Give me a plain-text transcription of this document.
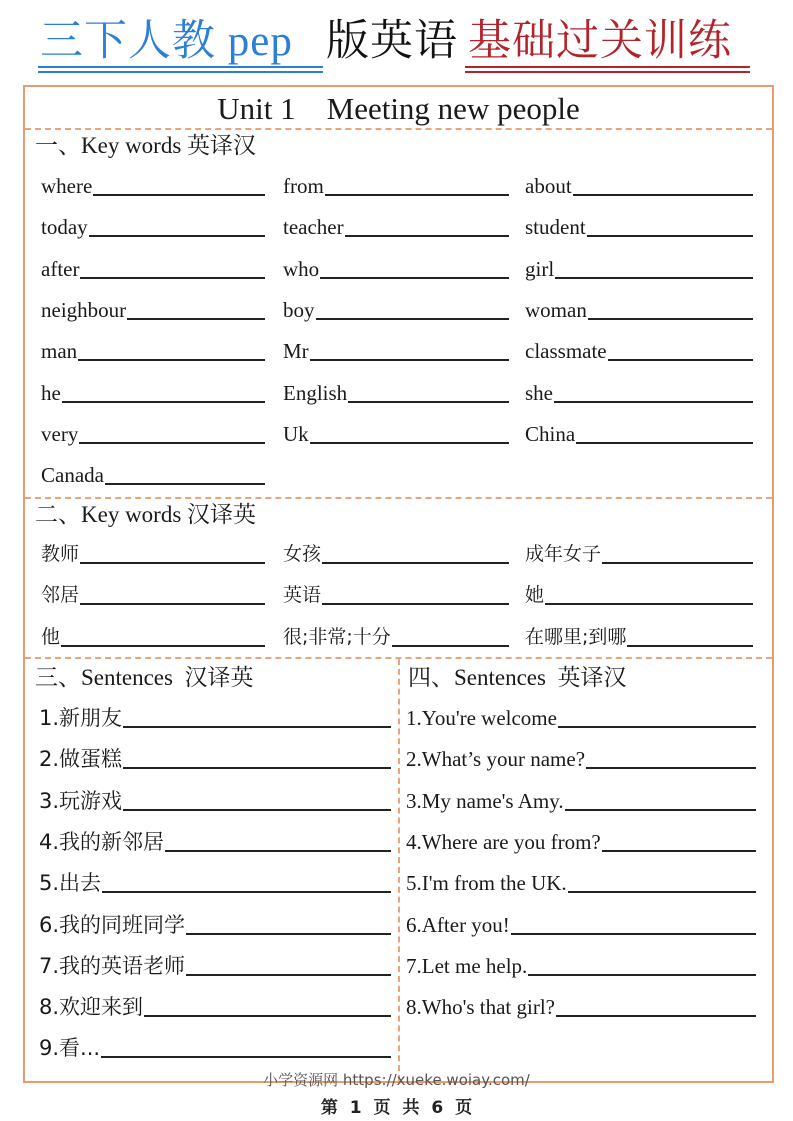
三下人教 pep 版英语 基础过关训练
Unit 1    Meeting new people
一、Key words 英译汉
where	from	about
today	teacher	student
after	who	girl
neighbour	boy	woman
man	Mr	classmate
he	English	she
very	Uk	China
Canada
二、Key words 汉译英
教师	女孩	成年女子
邻居	英语	她
他	很;非常;十分	在哪里;到哪
三、Sentences  汉译英
1.新朋友
2.做蛋糕
3.玩游戏
4.我的新邻居
5.出去
6.我的同班同学
7.我的英语老师
8.欢迎来到
9.看...
四、Sentences  英译汉
1.You're welcome
2.What’s your name?
3.My name's Amy.
4.Where are you from?
5.I'm from the UK.
6.After you!
7.Let me help.
8.Who's that girl?
小学资源网 https://xueke.woiay.com/
第 1 页 共 6 页
